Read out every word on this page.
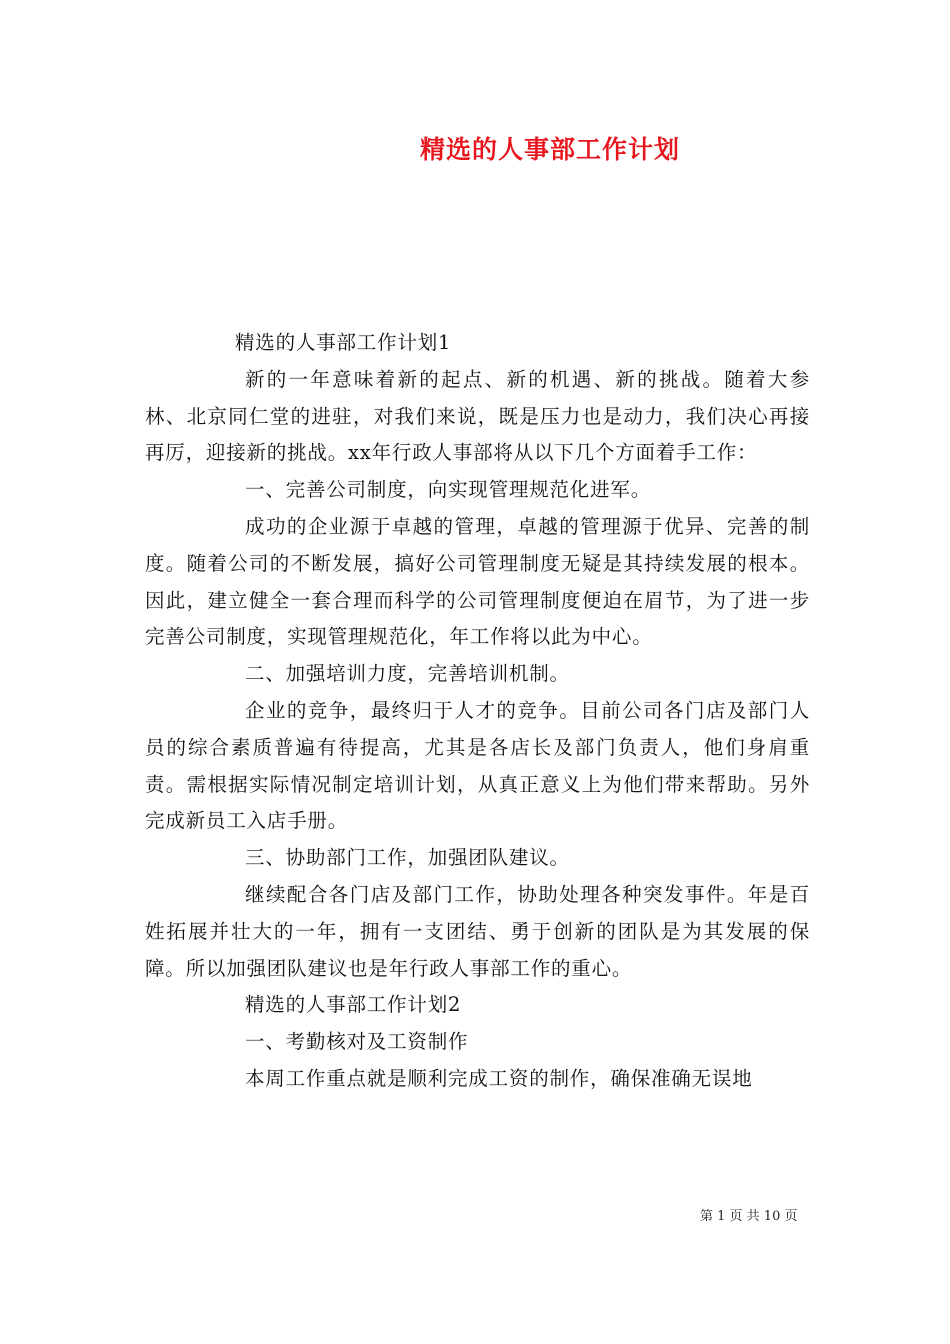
精选的人事部工作计划

精选的人事部工作计划1

新的一年意味着新的起点、新的机遇、新的挑战。随着大参林、北京同仁堂的进驻，对我们来说，既是压力也是动力，我们决心再接再厉，迎接新的挑战。xx年行政人事部将从以下几个方面着手工作：

一、完善公司制度，向实现管理规范化进军。

成功的企业源于卓越的管理，卓越的管理源于优异、完善的制度。随着公司的不断发展，搞好公司管理制度无疑是其持续发展的根本。因此，建立健全一套合理而科学的公司管理制度便迫在眉节，为了进一步完善公司制度，实现管理规范化，年工作将以此为中心。

二、加强培训力度，完善培训机制。

企业的竞争，最终归于人才的竞争。目前公司各门店及部门人员的综合素质普遍有待提高，尤其是各店长及部门负责人，他们身肩重责。需根据实际情况制定培训计划，从真正意义上为他们带来帮助。另外完成新员工入店手册。

三、协助部门工作，加强团队建议。

继续配合各门店及部门工作，协助处理各种突发事件。年是百姓拓展并壮大的一年，拥有一支团结、勇于创新的团队是为其发展的保障。所以加强团队建议也是年行政人事部工作的重心。

精选的人事部工作计划2

一、考勤核对及工资制作

本周工作重点就是顺利完成工资的制作，确保准确无误地

第 1 页 共 10 页
